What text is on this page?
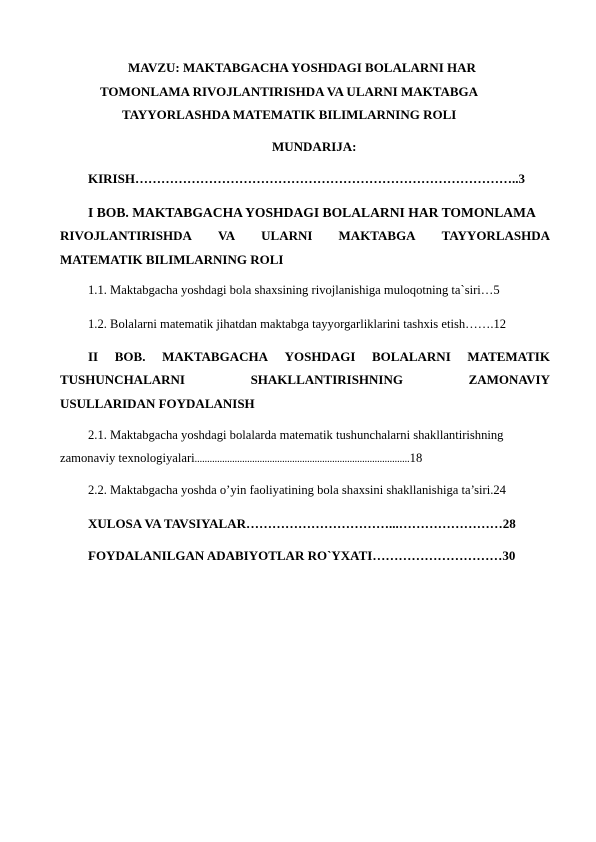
MAVZU: MAKTABGACHA YOSHDAGI BOLALARNI HAR
TOMONLAMA RIVOJLANTIRISHDA VA ULARNI MAKTABGA
TAYYORLASHDA MATEMATIK BILIMLARNING ROLI
MUNDARIJA:
KIRISH……………………………………………………………………………..3
I BOB. MAKTABGACHA YOSHDAGI BOLALARNI HAR TOMONLAMA
RIVOJLANTIRISHDA VA ULARNI MAKTABGA TAYYORLASHDA
MATEMATIK BILIMLARNING ROLI
1.1. Maktabgacha yoshdagi bola shaxsining rivojlanishiga muloqotning ta`siri…5
1.2. Bolalarni matematik jihatdan maktabga tayyorgarliklarini tashxis etish…….12
II BOB. MAKTABGACHA YOSHDAGI BOLALARNI MATEMATIK
TUSHUNCHALARNI	SHAKLLANTIRISHNING	ZAMONAVIY
USULLARIDAN FOYDALANISH
2.1. Maktabgacha yoshdagi bolalarda matematik tushunchalarni shakllantirishning
zamonaviy texnologiyalari......................................................................................18
2.2. Maktabgacha yoshda o’yin faoliyatining bola shaxsini shakllanishiga ta’siri.24
XULOSA VA TAVSIYALAR……………………………...……………………28
FOYDALANILGAN ADABIYOTLAR RO`YXATI…………………………30
